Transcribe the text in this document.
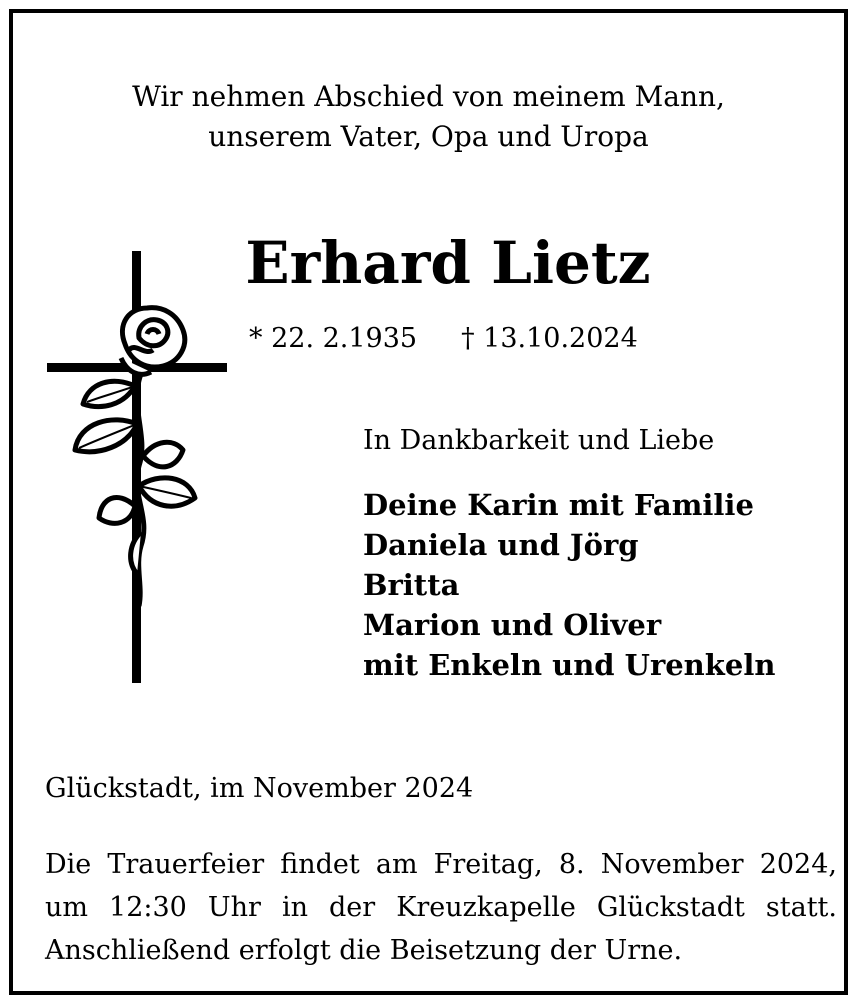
Wir nehmen Abschied von meinem Mann,
unserem Vater, Opa und Uropa
Erhard Lietz
* 22. 2.1935 † 13.10.2024
In Dankbarkeit und Liebe
Deine Karin mit Familie
Daniela und Jörg
Britta
Marion und Oliver
mit Enkeln und Urenkeln
Glückstadt, im November 2024
Die Trauerfeier findet am Freitag, 8. November 2024,
um 12:30 Uhr in der Kreuzkapelle Glückstadt statt.
Anschließend erfolgt die Beisetzung der Urne.
